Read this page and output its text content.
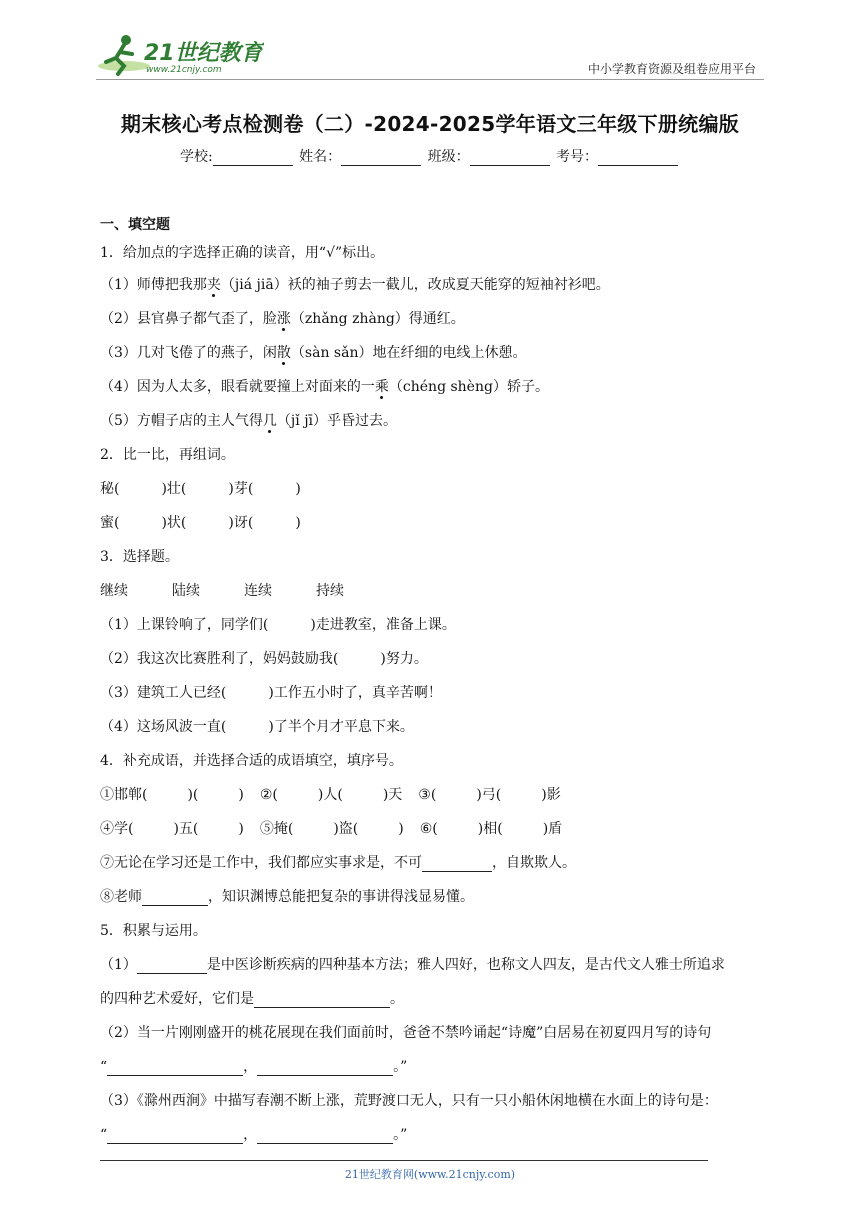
21世纪教育
www.21cnjy.com	中小学教育资源及组卷应用平台
期末核心考点检测卷（二）-2024-2025学年语文三年级下册统编版
学校:	姓名：	班级：	考号：
一、填空题
1．给加点的字选择正确的读音，用“√”标出。
（1）师傅把我那夹（jiá jiā）袄的袖子剪去一截儿，改成夏天能穿的短袖衬衫吧。
（2）县官鼻子都气歪了，脸涨（zhǎng zhàng）得通红。
（3）几对飞倦了的燕子，闲散（sàn sǎn）地在纤细的电线上休憩。
（4）因为人太多，眼看就要撞上对面来的一乘（chéng shèng）轿子。
（5）方帽子店的主人气得几（jǐ jī）乎昏过去。
2．比一比，再组词。
秘(	)壮(	)芽(	)
蜜(	)状(	)讶(	)
3．选择题。
继续	陆续	连续	持续
（1）上课铃响了，同学们(	)走进教室，准备上课。
（2）我这次比赛胜利了，妈妈鼓励我(	)努力。
（3）建筑工人已经(	)工作五小时了，真辛苦啊！
（4）这场风波一直(	)了半个月才平息下来。
4．补充成语，并选择合适的成语填空，填序号。
①邯郸(	)(	) ②(	)人(	)天 ③(	)弓(	)影
④学(	)五(	) ⑤掩(	)盗(	) ⑥(	)相(	)盾
⑦无论在学习还是工作中，我们都应实事求是，不可	，自欺欺人。
⑧老师	，知识渊博总能把复杂的事讲得浅显易懂。
5．积累与运用。
（1）	是中医诊断疾病的四种基本方法；雅人四好，也称文人四友，是古代文人雅士所追求
的四种艺术爱好，它们是	。
（2）当一片刚刚盛开的桃花展现在我们面前时，爸爸不禁吟诵起“诗魔”白居易在初夏四月写的诗句
“	，	。”
（3）《滁州西涧》中描写春潮不断上涨，荒野渡口无人，只有一只小船休闲地横在水面上的诗句是：
“	，	。”
21世纪教育网(www.21cnjy.com)
